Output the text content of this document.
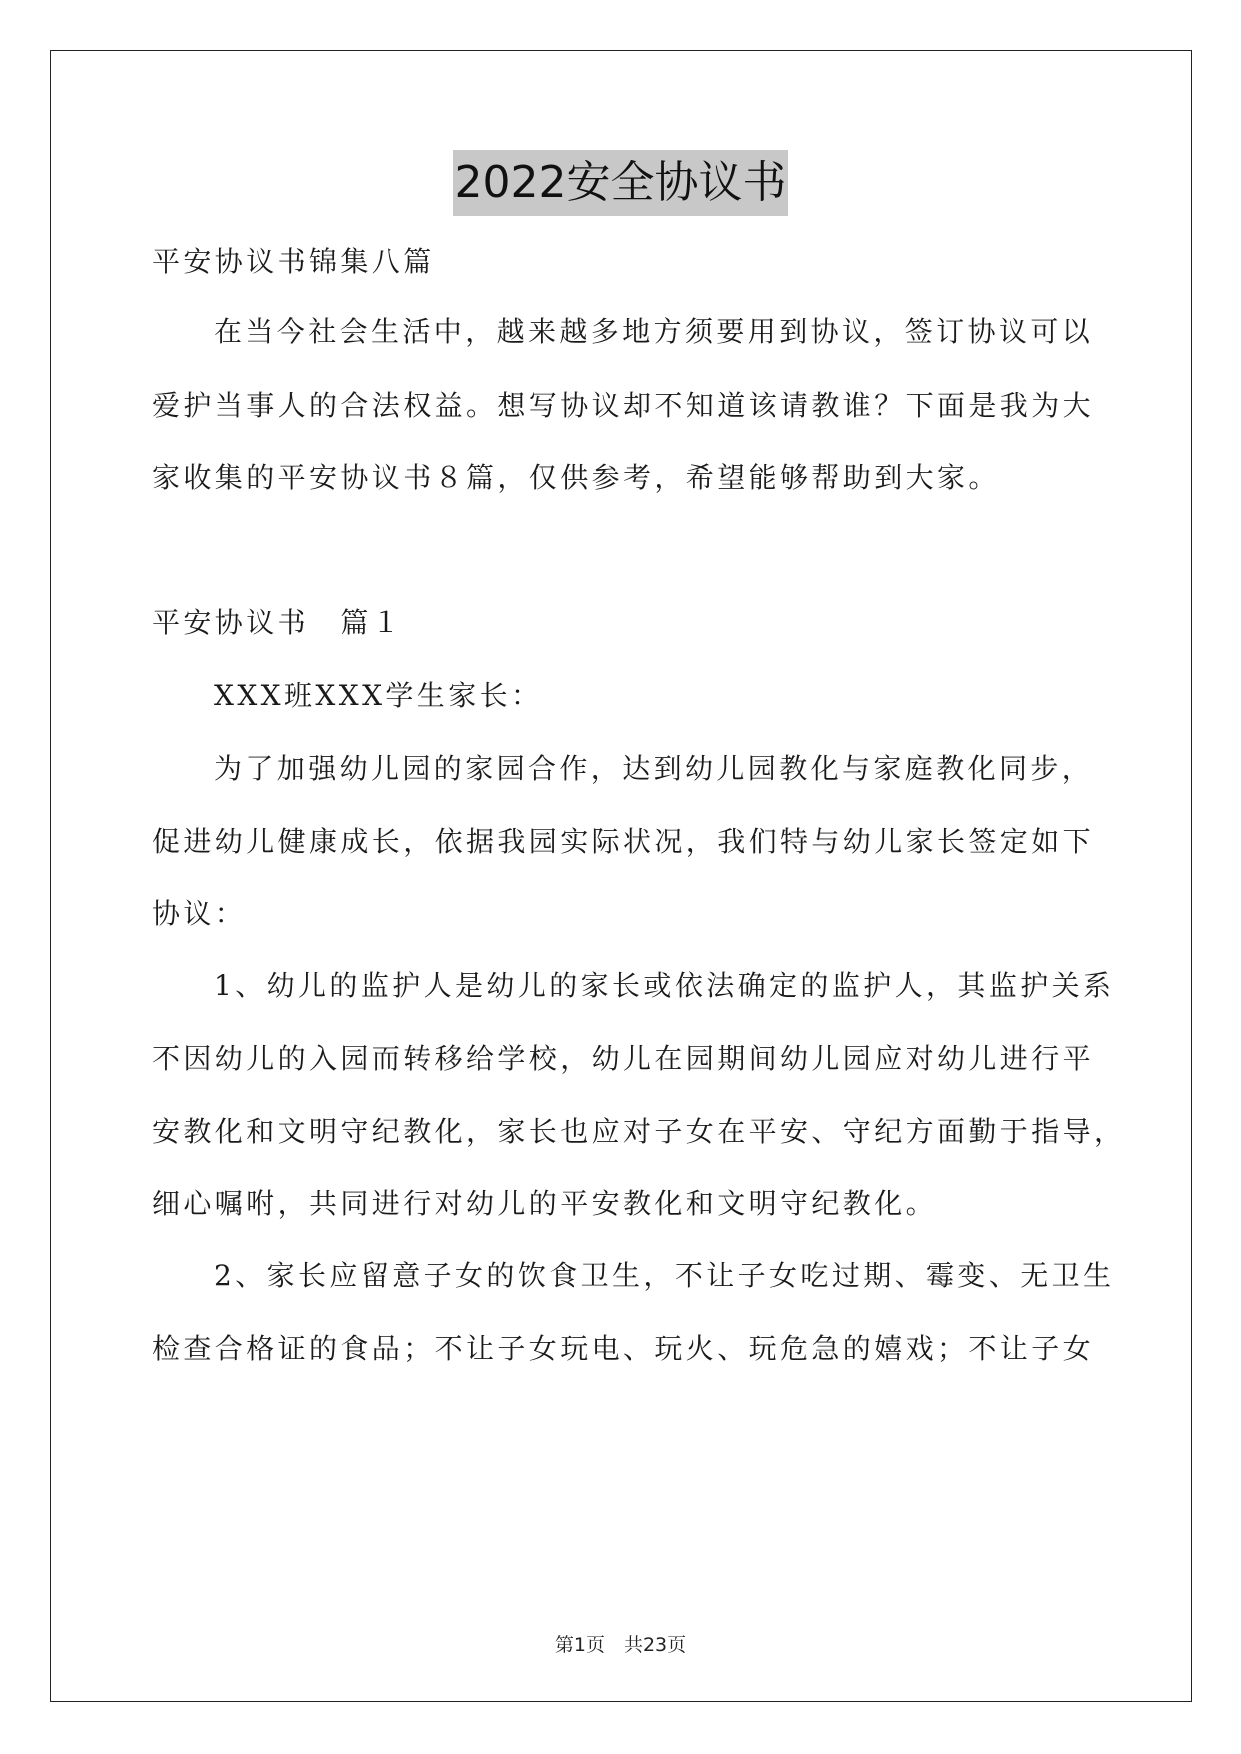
2022安全协议书
平安协议书锦集八篇
在当今社会生活中，越来越多地方须要用到协议，签订协议可以
爱护当事人的合法权益。想写协议却不知道该请教谁？下面是我为大
家收集的平安协议书８篇，仅供参考，希望能够帮助到大家。
平安协议书　篇１
XXX班XXX学生家长：
为了加强幼儿园的家园合作，达到幼儿园教化与家庭教化同步，
促进幼儿健康成长，依据我园实际状况，我们特与幼儿家长签定如下
协议：
1、幼儿的监护人是幼儿的家长或依法确定的监护人，其监护关系
不因幼儿的入园而转移给学校，幼儿在园期间幼儿园应对幼儿进行平
安教化和文明守纪教化，家长也应对子女在平安、守纪方面勤于指导，
细心嘱咐，共同进行对幼儿的平安教化和文明守纪教化。
2、家长应留意子女的饮食卫生，不让子女吃过期、霉变、无卫生
检查合格证的食品；不让子女玩电、玩火、玩危急的嬉戏；不让子女
第1页　共23页
